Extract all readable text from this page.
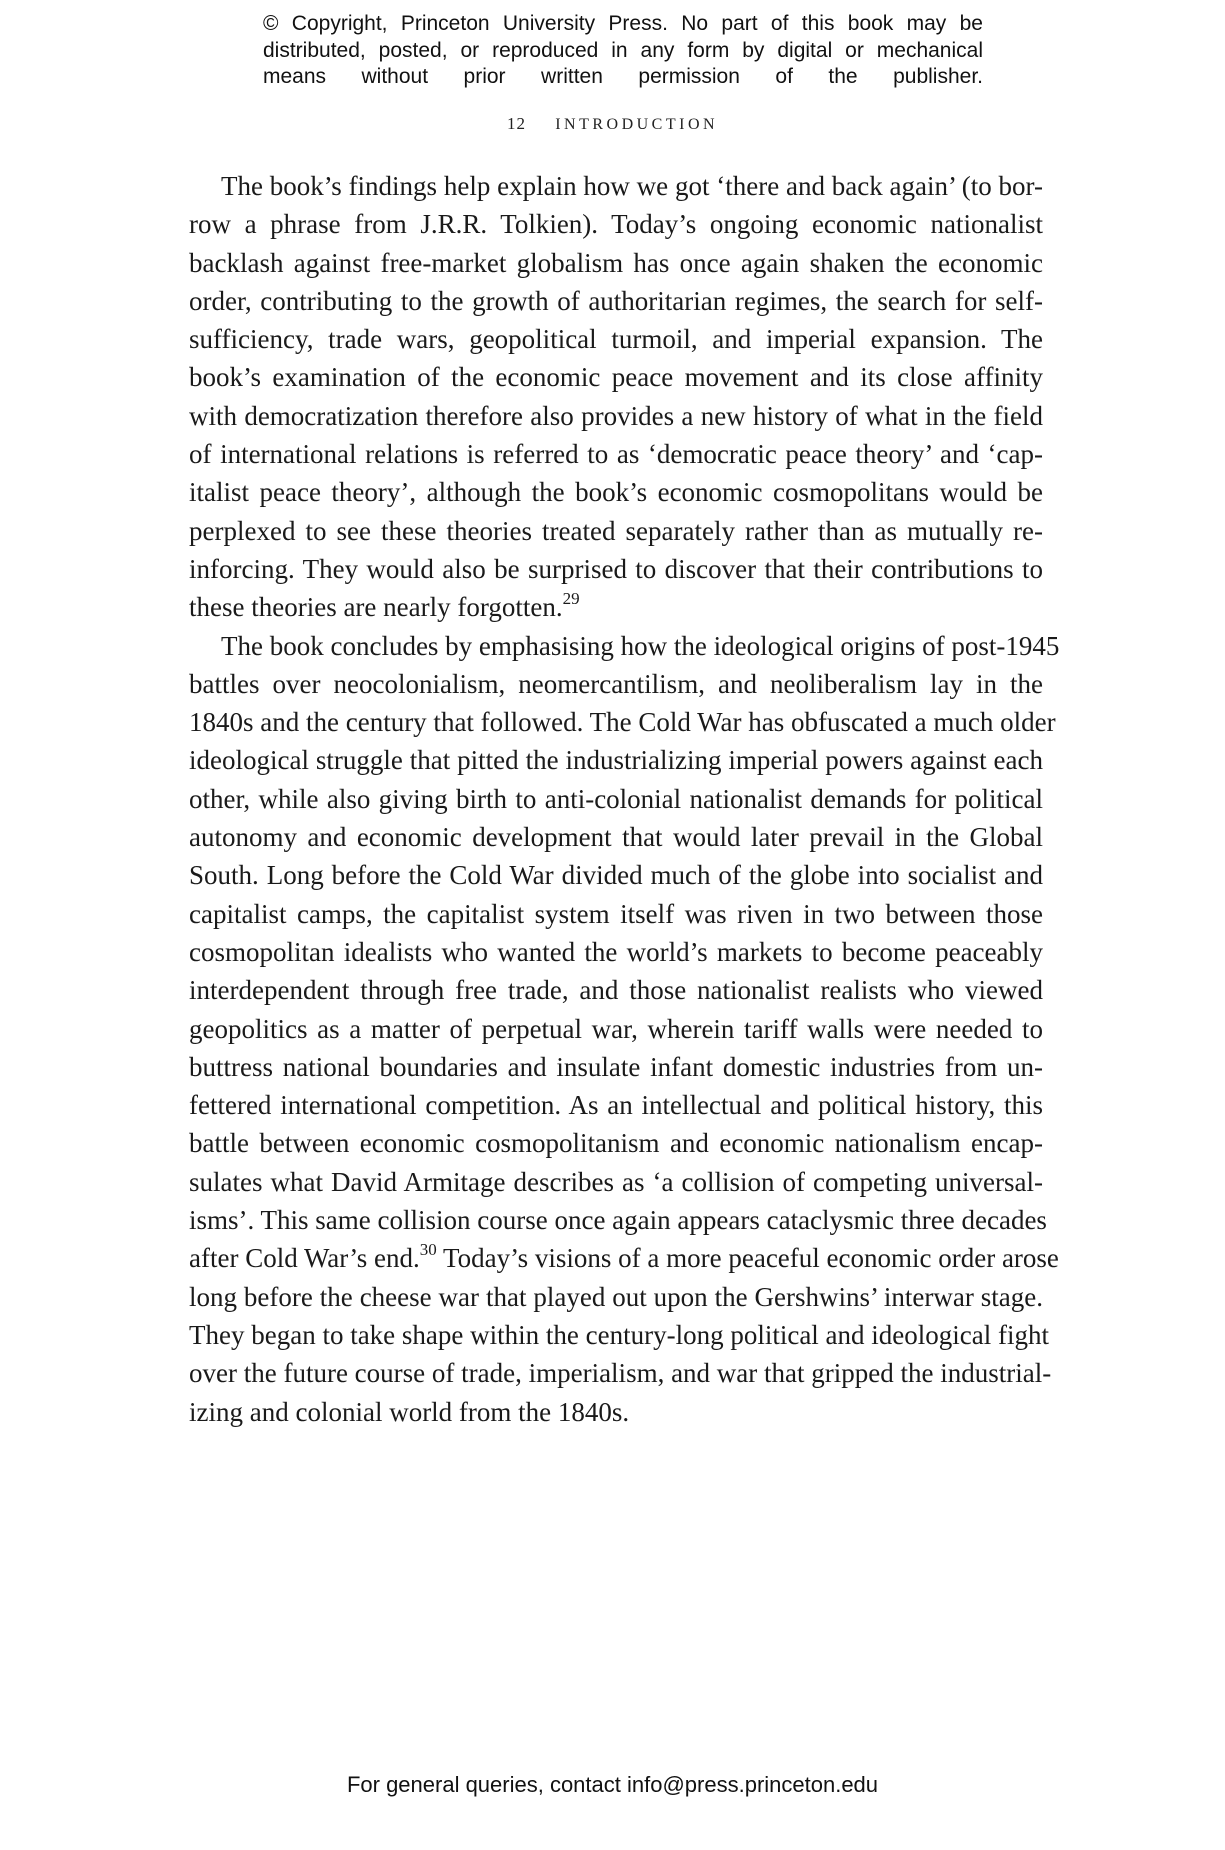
© Copyright, Princeton University Press. No part of this book may be
distributed, posted, or reproduced in any form by digital or mechanical
means without prior written permission of the publisher.
12 INTRODUCTION
The book’s findings help explain how we got ‘there and back again’ (to bor-
row a phrase from J.R.R. Tolkien). Today’s ongoing economic nationalist
backlash against free-market globalism has once again shaken the economic
order, contributing to the growth of authoritarian regimes, the search for self-
sufficiency, trade wars, geopolitical turmoil, and imperial expansion. The
book’s examination of the economic peace movement and its close affinity
with democratization therefore also provides a new history of what in the field
of international relations is referred to as ‘democratic peace theory’ and ‘cap-
italist peace theory’, although the book’s economic cosmopolitans would be
perplexed to see these theories treated separately rather than as mutually re-
inforcing. They would also be surprised to discover that their contributions to
these theories are nearly forgotten.$^{29}$
The book concludes by emphasising how the ideological origins of post-1945
battles over neocolonialism, neomercantilism, and neoliberalism lay in the
1840s and the century that followed. The Cold War has obfuscated a much older
ideological struggle that pitted the industrializing imperial powers against each
other, while also giving birth to anti-colonial nationalist demands for political
autonomy and economic development that would later prevail in the Global
South. Long before the Cold War divided much of the globe into socialist and
capitalist camps, the capitalist system itself was riven in two between those
cosmopolitan idealists who wanted the world’s markets to become peaceably
interdependent through free trade, and those nationalist realists who viewed
geopolitics as a matter of perpetual war, wherein tariff walls were needed to
buttress national boundaries and insulate infant domestic industries from un-
fettered international competition. As an intellectual and political history, this
battle between economic cosmopolitanism and economic nationalism encap-
sulates what David Armitage describes as ‘a collision of competing universal-
isms’. This same collision course once again appears cataclysmic three decades
after Cold War’s end.$^{30}$ Today’s visions of a more peaceful economic order arose
long before the cheese war that played out upon the Gershwins’ interwar stage.
They began to take shape within the century-long political and ideological fight
over the future course of trade, imperialism, and war that gripped the industrial-
izing and colonial world from the 1840s.
For general queries, contact info@press.princeton.edu
